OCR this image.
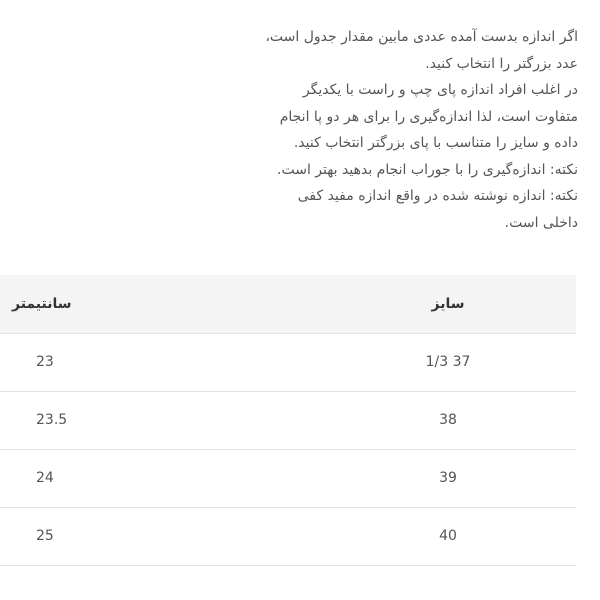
اگر اندازه بدست آمده عددی مابین مقدار جدول است،

عدد بزرگتر را انتخاب کنید.

در اغلب افراد اندازه پای چپ و راست با یکدیگر

متفاوت است، لذا اندازه‌گیری را برای هر دو پا انجام

داده و سایز را متناسب با پای بزرگتر انتخاب کنید.

نکته: اندازه‌گیری را با جوراب انجام بدهید بهتر است.

نکته: اندازه نوشته شده در واقع اندازه مفید کفی

داخلی است.

سانتیمتر	سایز
23	1/3 37
23.5	38
24	39
25	40
